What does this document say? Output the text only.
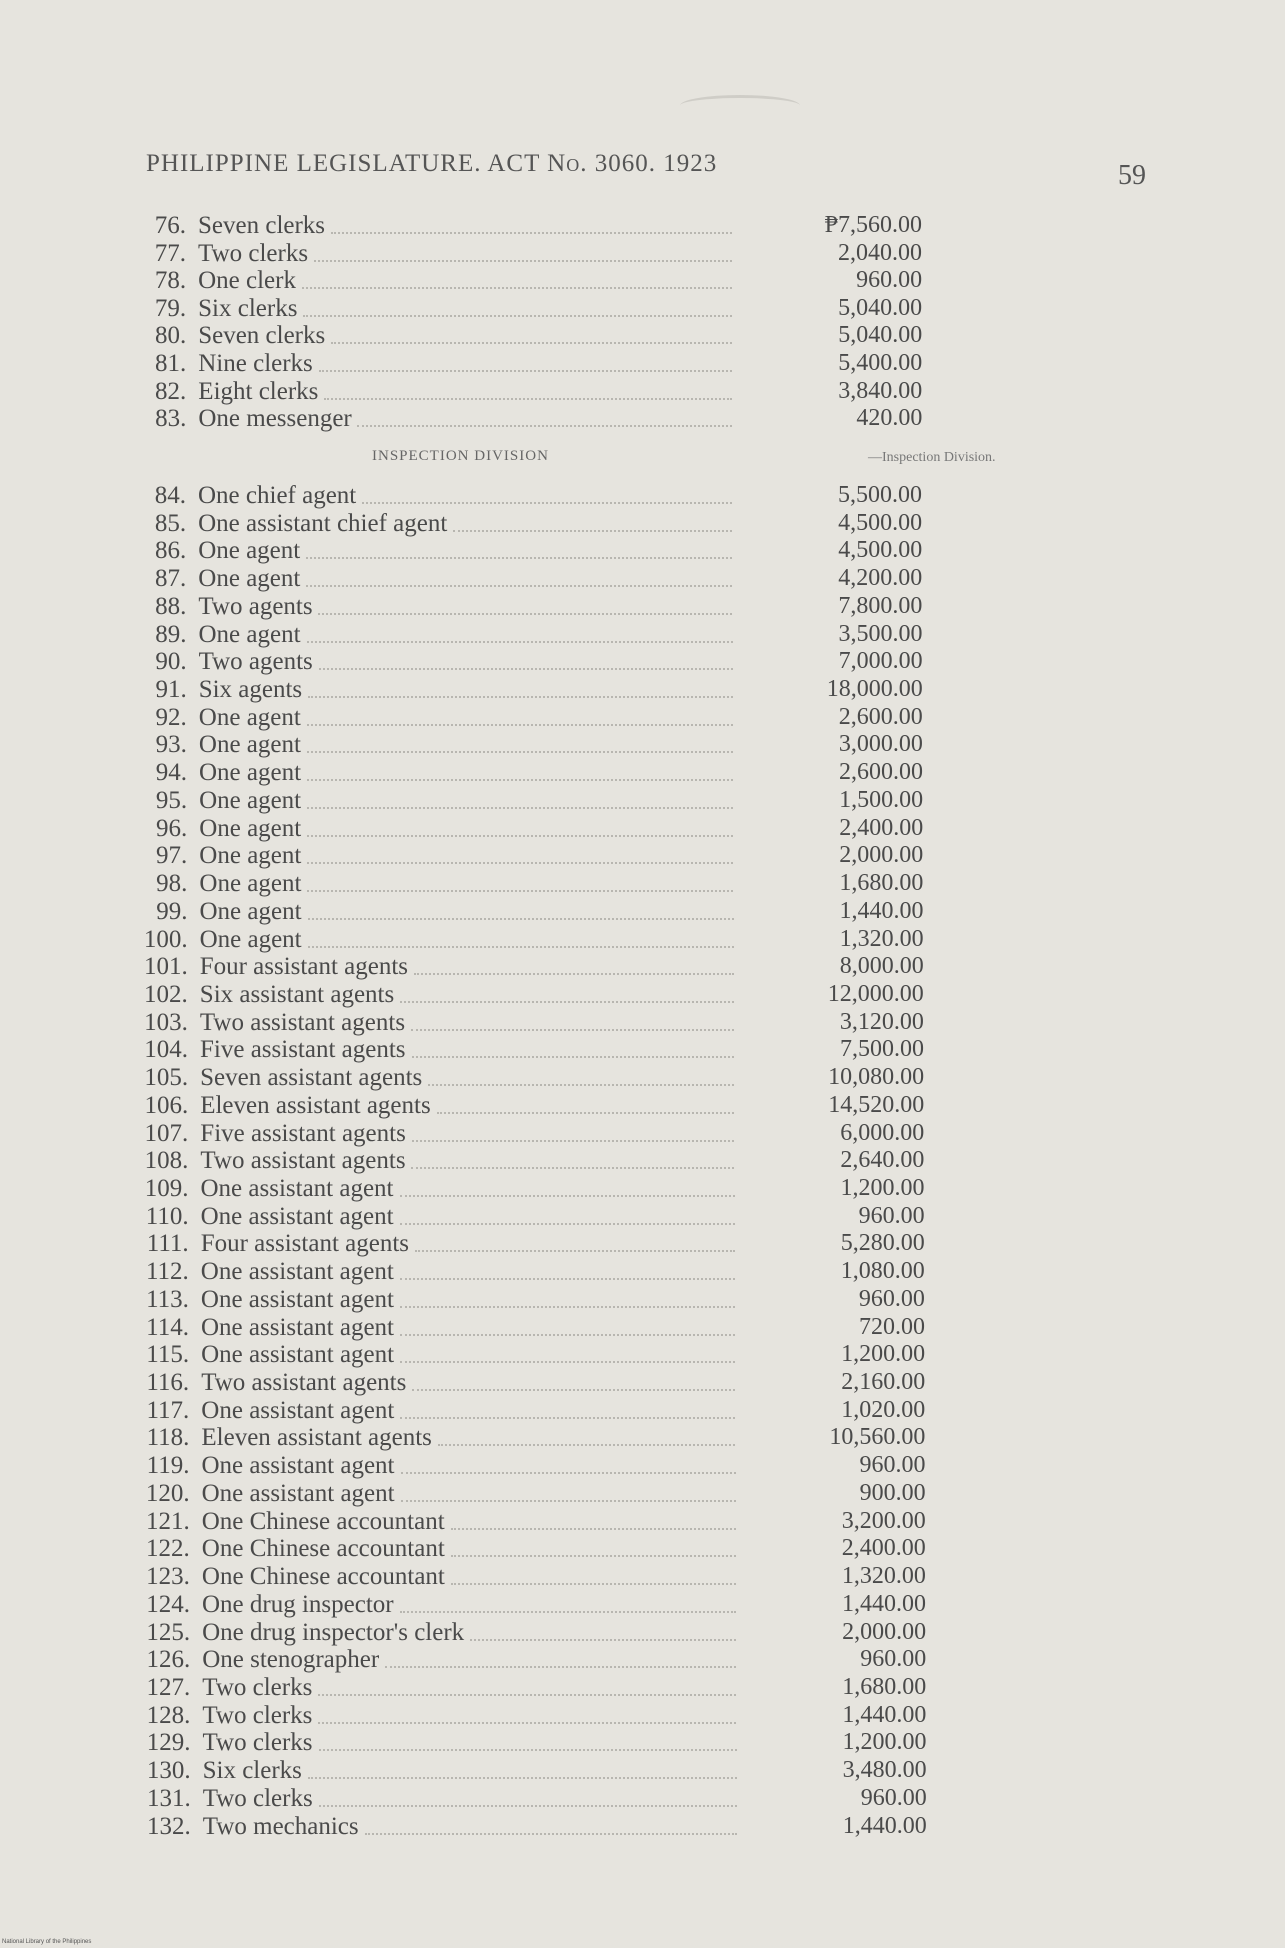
PHILIPPINE LEGISLATURE. ACT No. 3060. 1923	59
76. Seven clerks	₱7,560.00
77. Two clerks	2,040.00
78. One clerk	960.00
79. Six clerks	5,040.00
80. Seven clerks	5,040.00
81. Nine clerks	5,400.00
82. Eight clerks	3,840.00
83. One messenger	420.00
INSPECTION DIVISION	—Inspection Division.
84. One chief agent	5,500.00
85. One assistant chief agent	4,500.00
86. One agent	4,500.00
87. One agent	4,200.00
88. Two agents	7,800.00
89. One agent	3,500.00
90. Two agents	7,000.00
91. Six agents	18,000.00
92. One agent	2,600.00
93. One agent	3,000.00
94. One agent	2,600.00
95. One agent	1,500.00
96. One agent	2,400.00
97. One agent	2,000.00
98. One agent	1,680.00
99. One agent	1,440.00
100. One agent	1,320.00
101. Four assistant agents	8,000.00
102. Six assistant agents	12,000.00
103. Two assistant agents	3,120.00
104. Five assistant agents	7,500.00
105. Seven assistant agents	10,080.00
106. Eleven assistant agents	14,520.00
107. Five assistant agents	6,000.00
108. Two assistant agents	2,640.00
109. One assistant agent	1,200.00
110. One assistant agent	960.00
111. Four assistant agents	5,280.00
112. One assistant agent	1,080.00
113. One assistant agent	960.00
114. One assistant agent	720.00
115. One assistant agent	1,200.00
116. Two assistant agents	2,160.00
117. One assistant agent	1,020.00
118. Eleven assistant agents	10,560.00
119. One assistant agent	960.00
120. One assistant agent	900.00
121. One Chinese accountant	3,200.00
122. One Chinese accountant	2,400.00
123. One Chinese accountant	1,320.00
124. One drug inspector	1,440.00
125. One drug inspector's clerk	2,000.00
126. One stenographer	960.00
127. Two clerks	1,680.00
128. Two clerks	1,440.00
129. Two clerks	1,200.00
130. Six clerks	3,480.00
131. Two clerks	960.00
132. Two mechanics	1,440.00
National Library of the Philippines
